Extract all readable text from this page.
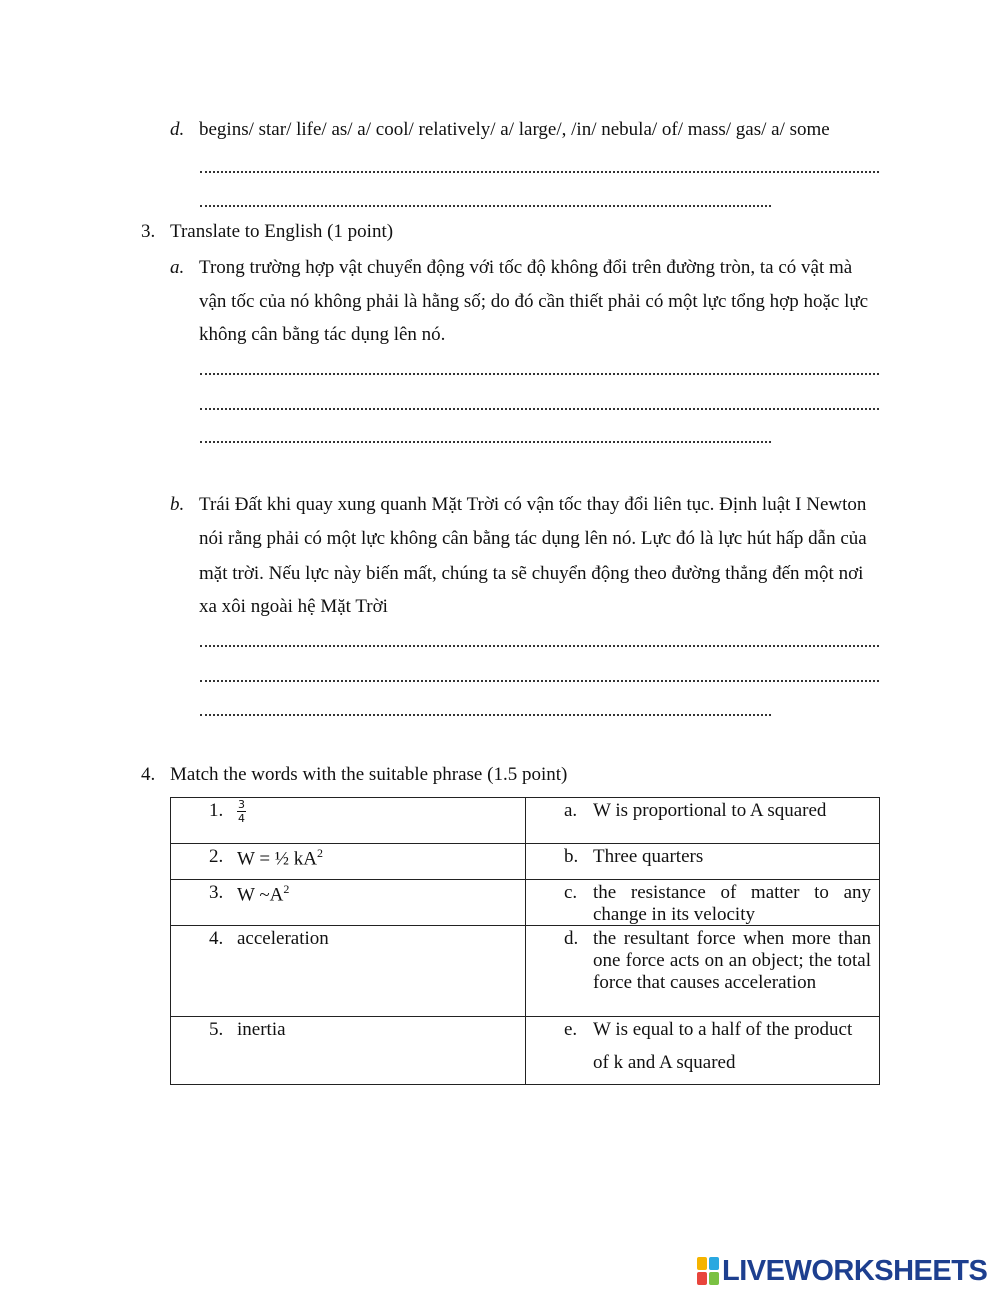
d. begins/ star/ life/ as/ a/ cool/ relatively/ a/ large/, /in/ nebula/ of/ mass/ gas/ a/ some
3. Translate to English (1 point)
a. Trong trường hợp vật chuyển động với tốc độ không đổi trên đường tròn, ta có vật mà
vận tốc của nó không phải là hằng số; do đó cần thiết phải có một lực tổng hợp hoặc lực
không cân bằng tác dụng lên nó.
b. Trái Đất khi quay xung quanh Mặt Trời có vận tốc thay đổi liên tục. Định luật I Newton
nói rằng phải có một lực không cân bằng tác dụng lên nó. Lực đó là lực hút hấp dẫn của
mặt trời. Nếu lực này biến mất, chúng ta sẽ chuyển động theo đường thẳng đến một nơi
xa xôi ngoài hệ Mặt Trời
4. Match the words with the suitable phrase (1.5 point)
1. $\frac{3}{4}$	a. W is proportional to A squared

2. W = ½ $kA^2$	b. Three quarters

3. W $\sim A^2$	c. the resistance of matter to any change in its velocity

4. acceleration	d. the resultant force when more than one force acts on an object; the total force that causes acceleration

5. inertia	e. W is equal to a half of the product
of k and A squared
LIVEWORKSHEETS
